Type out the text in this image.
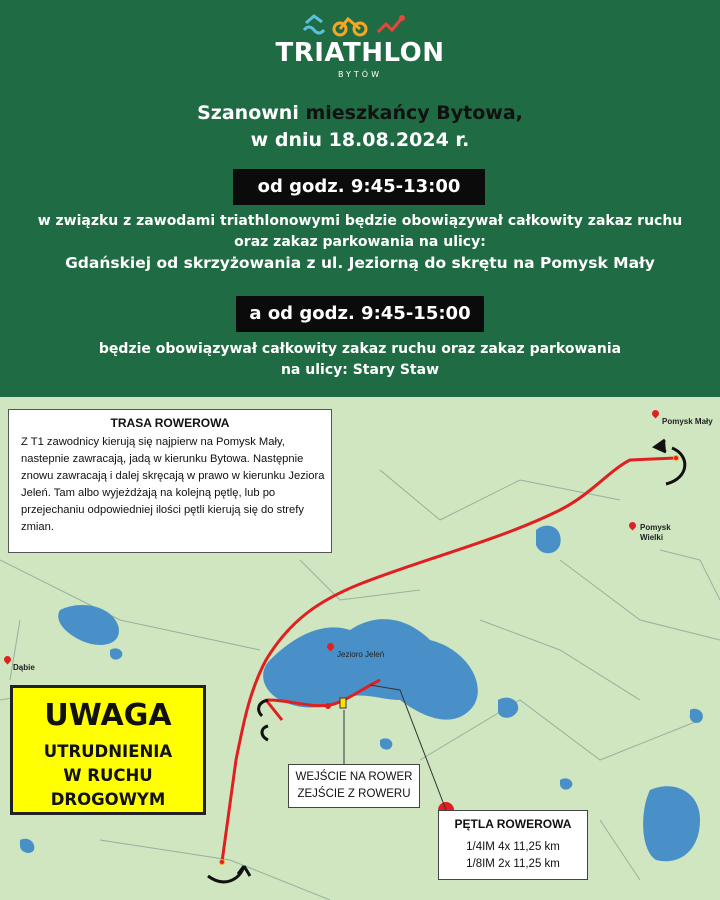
TRIATHLON
BYTÓW
Szanowni mieszkańcy Bytowa,
w dniu 18.08.2024 r.
od godz. 9:45-13:00
w związku z zawodami triathlonowymi będzie obowiązywał całkowity zakaz ruchu
oraz zakaz parkowania na ulicy:
Gdańskiej od skrzyżowania z ul. Jeziorną do skrętu na Pomysk Mały
a od godz. 9:45-15:00
będzie obowiązywał całkowity zakaz ruchu oraz zakaz parkowania
na ulicy: Stary Staw
Pomysk Mały
Pomysk
Wielki
Dąbie
Jezioro Jeleń
TRASA ROWEROWA

Z T1 zawodnicy kierują się najpierw na Pomysk Mały, nastepnie zawracają, jadą w kierunku Bytowa. Następnie znowu zawracają i dalej skręcają w prawo w kierunku Jeziora Jeleń. Tam albo wyjeżdżają na kolejną pętlę, lub po przejechaniu odpowiedniej ilości pętli kierują się do strefy zmian.

UWAGA
UTRUDNIENIA
W RUCHU
DROGOWYM
WEJŚCIE NA ROWER
ZEJŚCIE Z ROWERU
PĘTLA ROWEROWA
1/4IM 4x 11,25 km
1/8IM 2x 11,25 km
